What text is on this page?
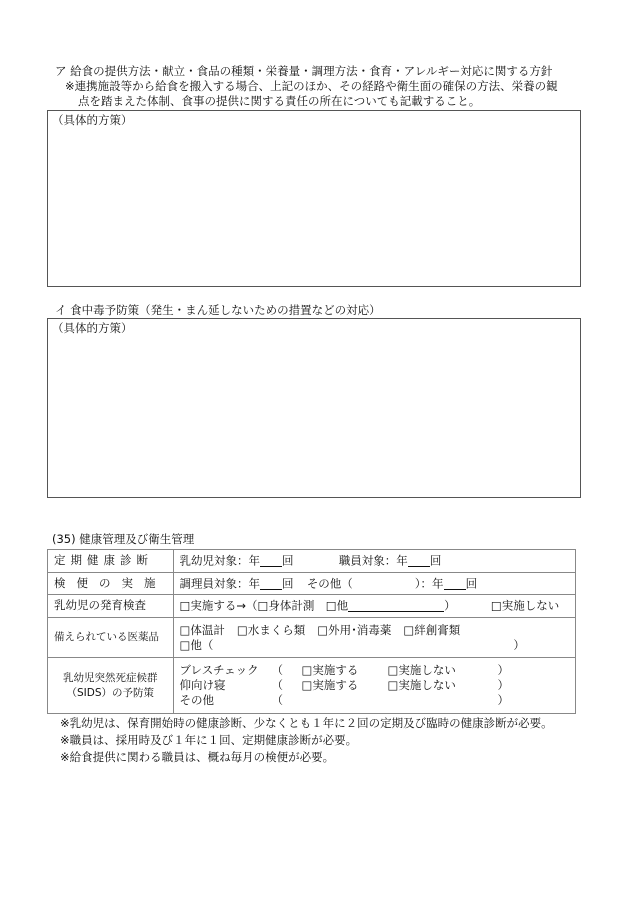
ア 給食の提供方法・献立・食品の種類・栄養量・調理方法・食育・アレルギー対応に関する方針
※連携施設等から給食を搬入する場合、上記のほか、その経路や衛生面の確保の方法、栄養の観
点を踏まえた体制、食事の提供に関する責任の所在についても記載すること。
（具体的方策）
イ 食中毒予防策（発生・まん延しないための措置などの対応）
（具体的方策）
(35) 健康管理及び衛生管理
定期健康診断	乳幼児対象：年 回 職員対象：年 回
検便の実施	調理員対象：年 回 その他（ ）：年 回
乳幼児の発育検査	□実施する→（□身体計測 □他 ） □実施しない
備えられている医薬品	□体温計 □水まくら類 □外用･消毒薬 □絆創膏類
□他（ ）

乳幼児突然死症候群
（SIDS）の予防策	ブレスチェック （ □実施する □実施しない ）
仰向け寝 （ □実施する □実施しない ）
その他 （ ）
※乳幼児は、保育開始時の健康診断、少なくとも１年に２回の定期及び臨時の健康診断が必要。
※職員は、採用時及び１年に１回、定期健康診断が必要。
※給食提供に関わる職員は、概ね毎月の検便が必要。
